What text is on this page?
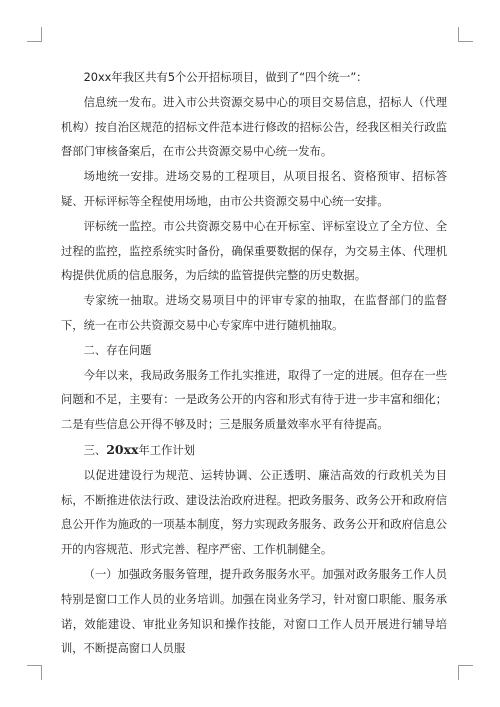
20xx年我区共有5个公开招标项目，做到了“四个统一”：

信息统一发布。进入市公共资源交易中心的项目交易信息，招标人（代理机构）按自治区规范的招标文件范本进行修改的招标公告，经我区相关行政监督部门审核备案后，在市公共资源交易中心统一发布。

场地统一安排。进场交易的工程项目，从项目报名、资格预审、招标答疑、开标评标等全程使用场地，由市公共资源交易中心统一安排。

评标统一监控。市公共资源交易中心在开标室、评标室设立了全方位、全过程的监控，监控系统实时备份，确保重要数据的保存，为交易主体、代理机构提供优质的信息服务，为后续的监管提供完整的历史数据。

专家统一抽取。进场交易项目中的评审专家的抽取，在监督部门的监督下，统一在市公共资源交易中心专家库中进行随机抽取。

二、存在问题

今年以来，我局政务服务工作扎实推进，取得了一定的进展。但存在一些问题和不足，主要有：一是政务公开的内容和形式有待于进一步丰富和细化；二是有些信息公开得不够及时；三是服务质量效率水平有待提高。

三、20xx年工作计划

以促进建设行为规范、运转协调、公正透明、廉洁高效的行政机关为目标，不断推进依法行政、建设法治政府进程。把政务服务、政务公开和政府信息公开作为施政的一项基本制度，努力实现政务服务、政务公开和政府信息公开的内容规范、形式完善、程序严密、工作机制健全。

（一）加强政务服务管理，提升政务服务水平。加强对政务服务工作人员特别是窗口工作人员的业务培训。加强在岗业务学习，针对窗口职能、服务承诺，效能建设、审批业务知识和操作技能，对窗口工作人员开展进行辅导培训，不断提高窗口人员服
